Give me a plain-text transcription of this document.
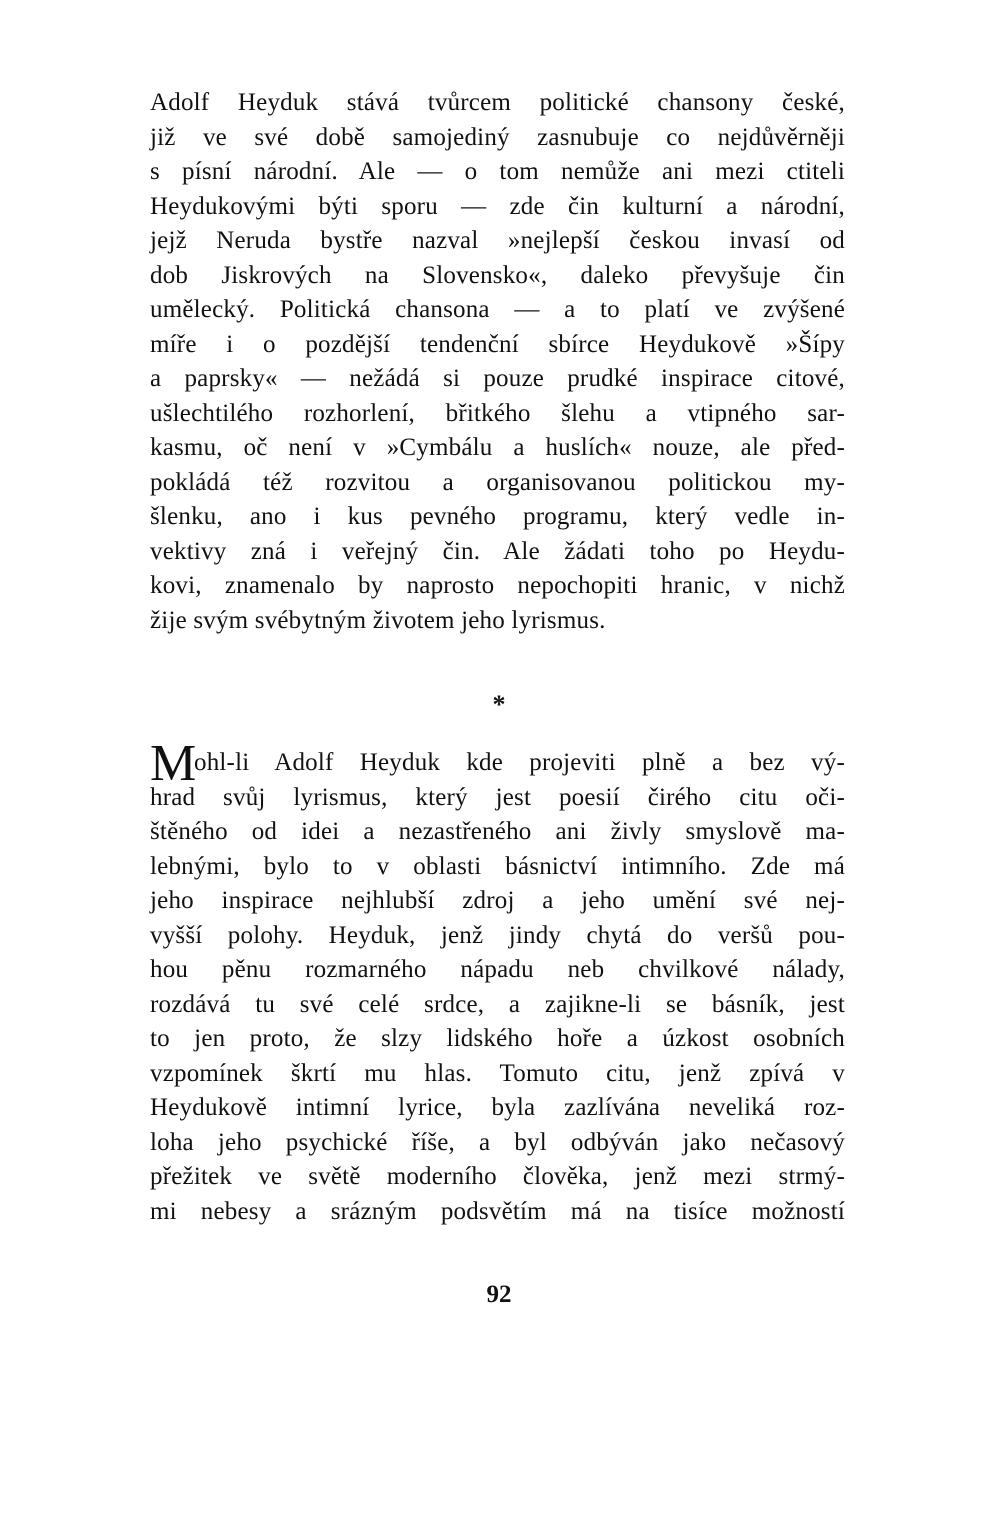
Adolf Heyduk stává tvůrcem politické chansony české,
již ve své době samojediný zasnubuje co nejdůvěrněji
s písní národní. Ale — o tom nemůže ani mezi ctiteli
Heydukovými býti sporu — zde čin kulturní a národní,
jejž Neruda bystře nazval »nejlepší českou invasí od
dob Jiskrových na Slovensko«, daleko převyšuje čin
umělecký. Politická chansona — a to platí ve zvýšené
míře i o pozdější tendenční sbírce Heydukově »Šípy
a paprsky« — nežádá si pouze prudké inspirace citové,
ušlechtilého rozhorlení, břitkého šlehu a vtipného sar-
kasmu, oč není v »Cymbálu a huslích« nouze, ale před-
pokládá též rozvitou a organisovanou politickou my-
šlenku, ano i kus pevného programu, který vedle in-
vektivy zná i veřejný čin. Ale žádati toho po Heydu-
kovi, znamenalo by naprosto nepochopiti hranic, v nichž
žije svým svébytným životem jeho lyrismus.
*
M
ohl-li Adolf Heyduk kde projeviti plně a bez vý-
hrad svůj lyrismus, který jest poesií čirého citu oči-
štěného od idei a nezastřeného ani živly smyslově ma-
lebnými, bylo to v oblasti básnictví intimního. Zde má
jeho inspirace nejhlubší zdroj a jeho umění své nej-
vyšší polohy. Heyduk, jenž jindy chytá do veršů pou-
hou pěnu rozmarného nápadu neb chvilkové nálady,
rozdává tu své celé srdce, a zajikne-li se básník, jest
to jen proto, že slzy lidského hoře a úzkost osobních
vzpomínek škrtí mu hlas. Tomuto citu, jenž zpívá v
Heydukově intimní lyrice, byla zazlívána neveliká roz-
loha jeho psychické říše, a byl odbýván jako nečasový
přežitek ve světě moderního člověka, jenž mezi strmý-
mi nebesy a srázným podsvětím má na tisíce možností
92
